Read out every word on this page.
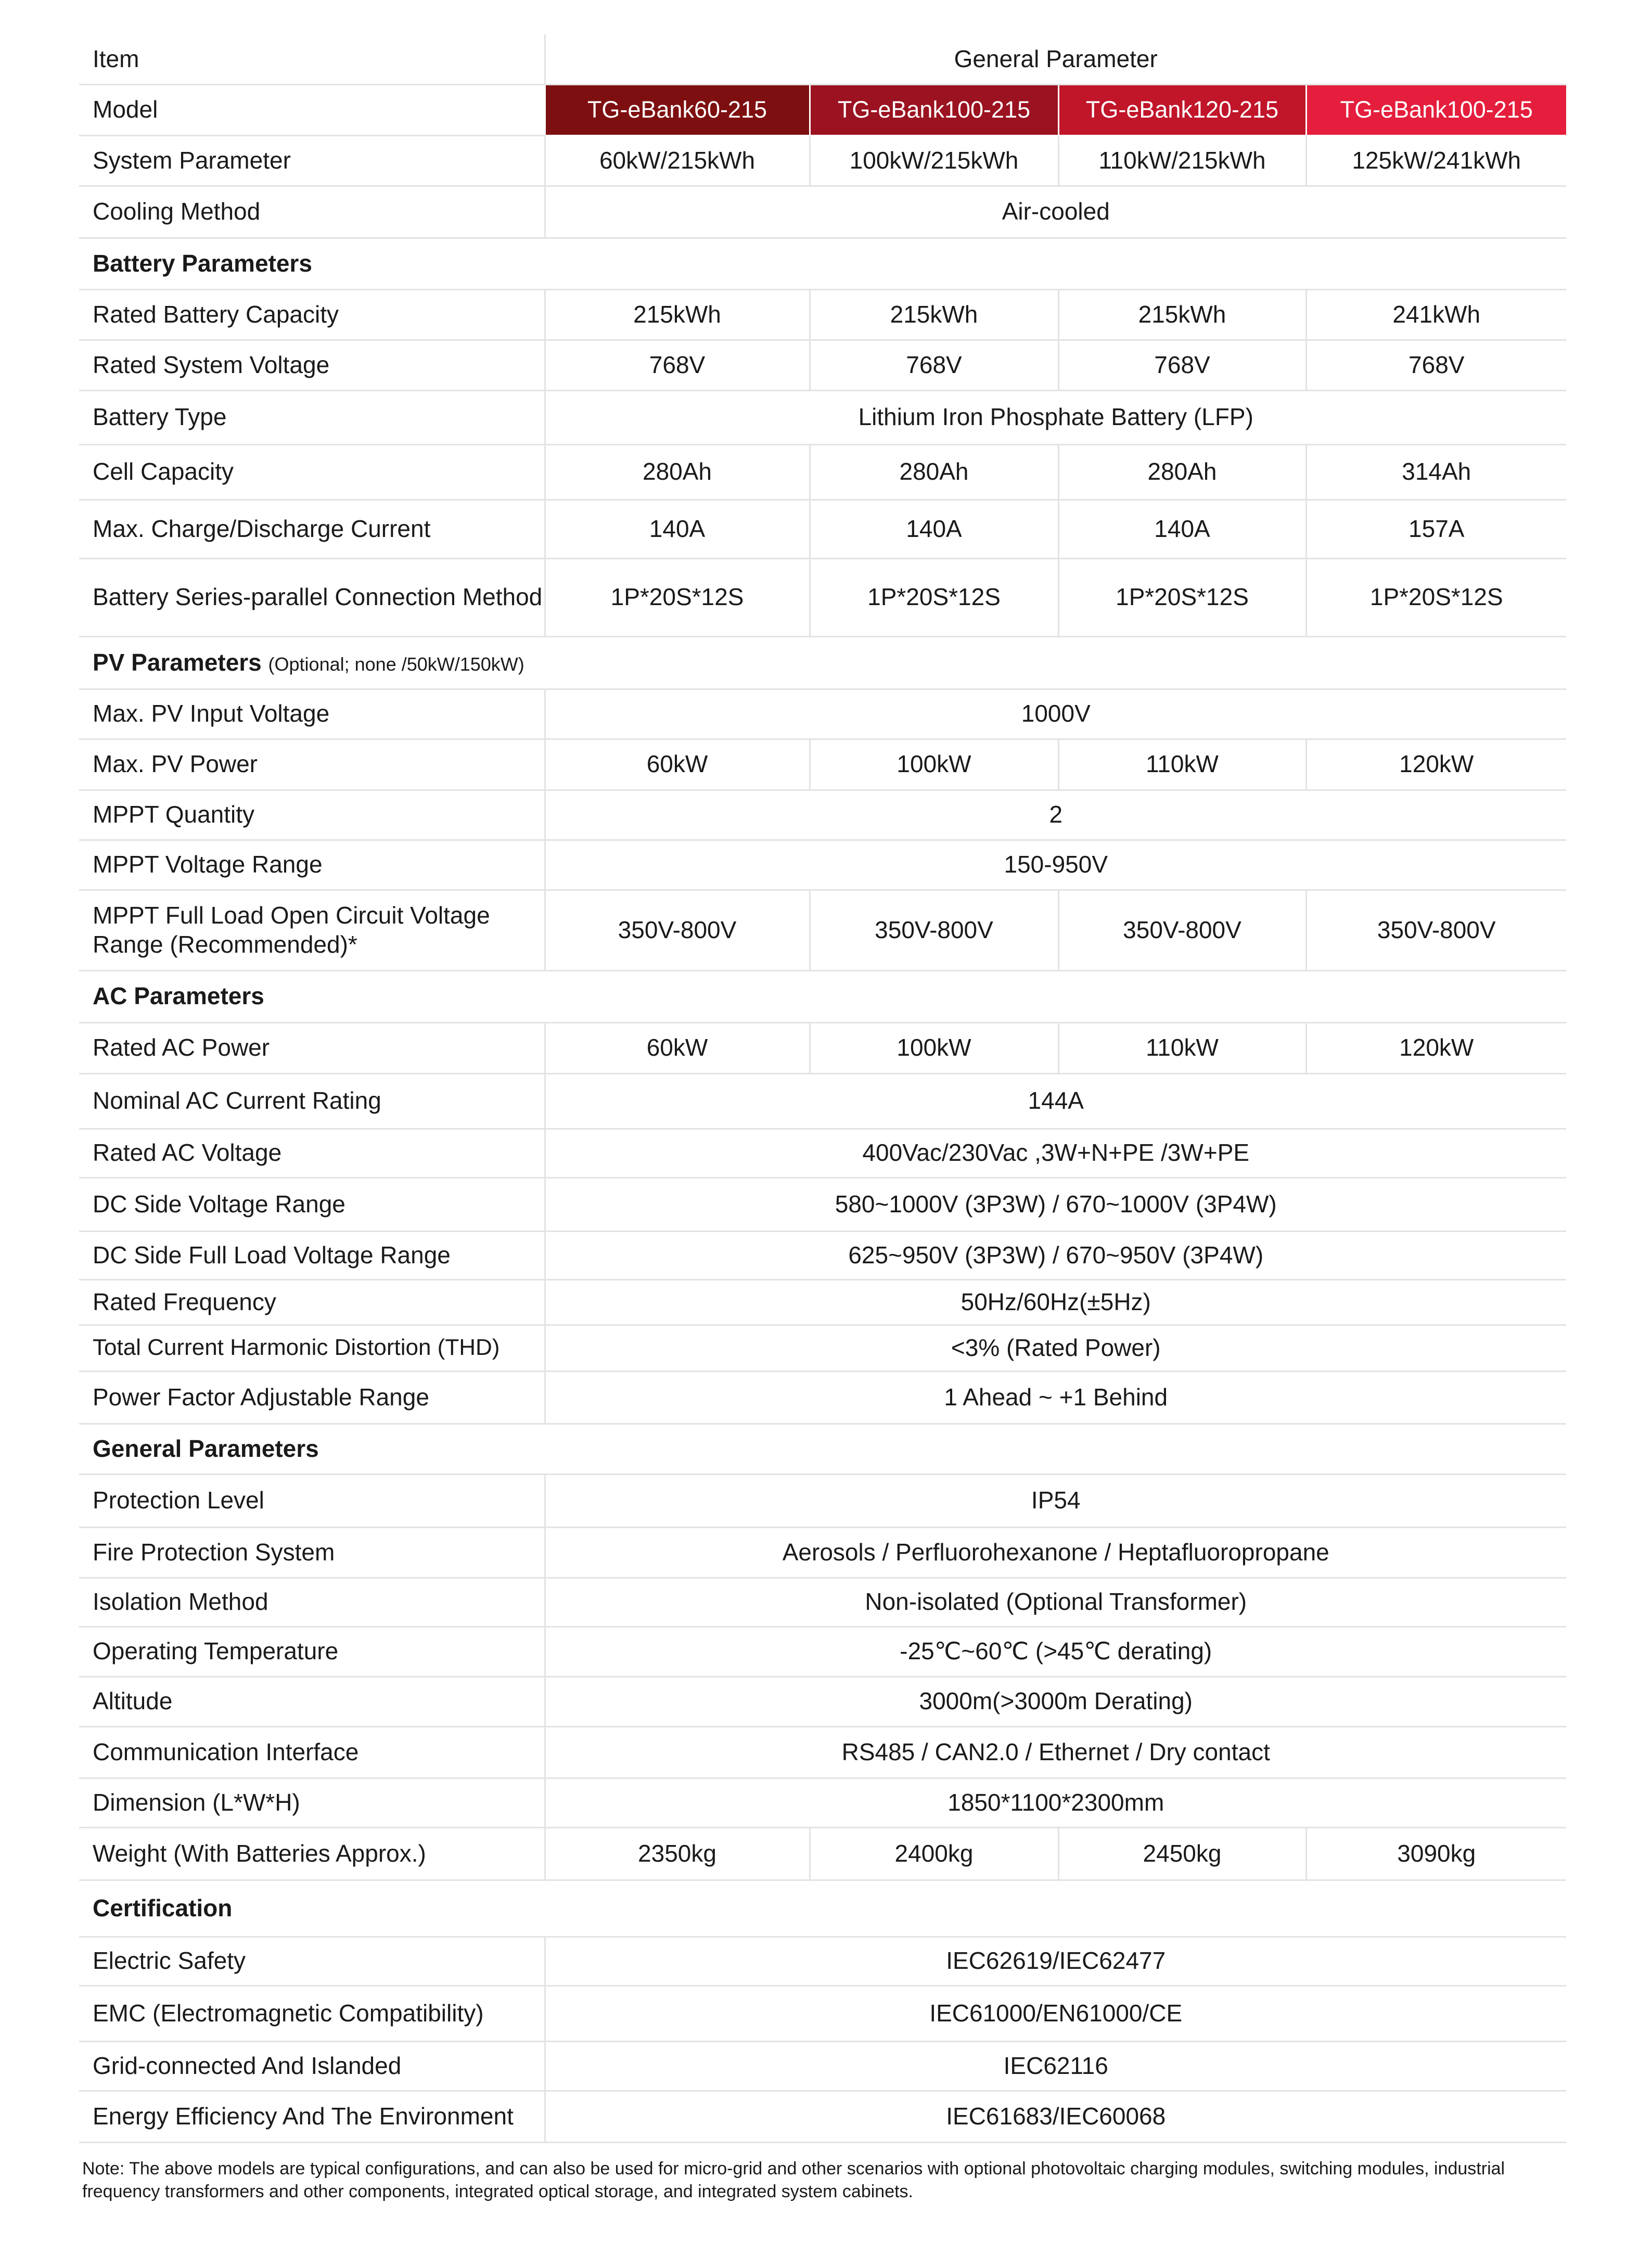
Item	General Parameter			
Model	TG-eBank60-215	TG-eBank100-215	TG-eBank120-215	TG-eBank100-215
System Parameter	60kW/215kWh	100kW/215kWh	110kW/215kWh	125kW/241kWh
Cooling Method	Air-cooled			
Battery Parameters				
Rated Battery Capacity	215kWh	215kWh	215kWh	241kWh
Rated System Voltage	768V	768V	768V	768V
Battery Type	Lithium Iron Phosphate Battery (LFP)			
Cell Capacity	280Ah	280Ah	280Ah	314Ah
Max. Charge/Discharge Current	140A	140A	140A	157A
Battery Series-parallel Connection Method	1P*20S*12S	1P*20S*12S	1P*20S*12S	1P*20S*12S
PV Parameters (Optional; none /50kW/150kW)				
Max. PV Input Voltage	1000V			
Max. PV Power	60kW	100kW	110kW	120kW
MPPT Quantity	2			
MPPT Voltage Range	150-950V			
MPPT Full Load Open Circuit Voltage Range (Recommended)*	350V-800V	350V-800V	350V-800V	350V-800V
AC Parameters				
Rated AC Power	60kW	100kW	110kW	120kW
Nominal AC Current Rating	144A			
Rated AC Voltage	400Vac/230Vac ,3W+N+PE /3W+PE			
DC Side Voltage Range	580~1000V (3P3W) / 670~1000V (3P4W)			
DC Side Full Load Voltage Range	625~950V (3P3W) / 670~950V (3P4W)			
Rated Frequency	50Hz/60Hz(±5Hz)			
Total Current Harmonic Distortion (THD)	<3% (Rated Power)			
Power Factor Adjustable Range	1 Ahead ~ +1 Behind			
General Parameters				
Protection Level	IP54			
Fire Protection System	Aerosols / Perfluorohexanone / Heptafluoropropane			
Isolation Method	Non-isolated (Optional Transformer)			
Operating Temperature	-25℃~60℃ (>45℃ derating)			
Altitude	3000m(>3000m Derating)			
Communication Interface	RS485 / CAN2.0 / Ethernet / Dry contact			
Dimension (L*W*H)	1850*1100*2300mm			
Weight (With Batteries Approx.)	2350kg	2400kg	2450kg	3090kg
Certification				
Electric Safety	IEC62619/IEC62477			
EMC (Electromagnetic Compatibility)	IEC61000/EN61000/CE			
Grid-connected And Islanded	IEC62116			
Energy Efficiency And The Environment	IEC61683/IEC60068			
Note: The above models are typical configurations, and can also be used for micro-grid and other scenarios with optional photovoltaic charging modules, switching modules, industrial frequency transformers and other components, integrated optical storage, and integrated system cabinets.
